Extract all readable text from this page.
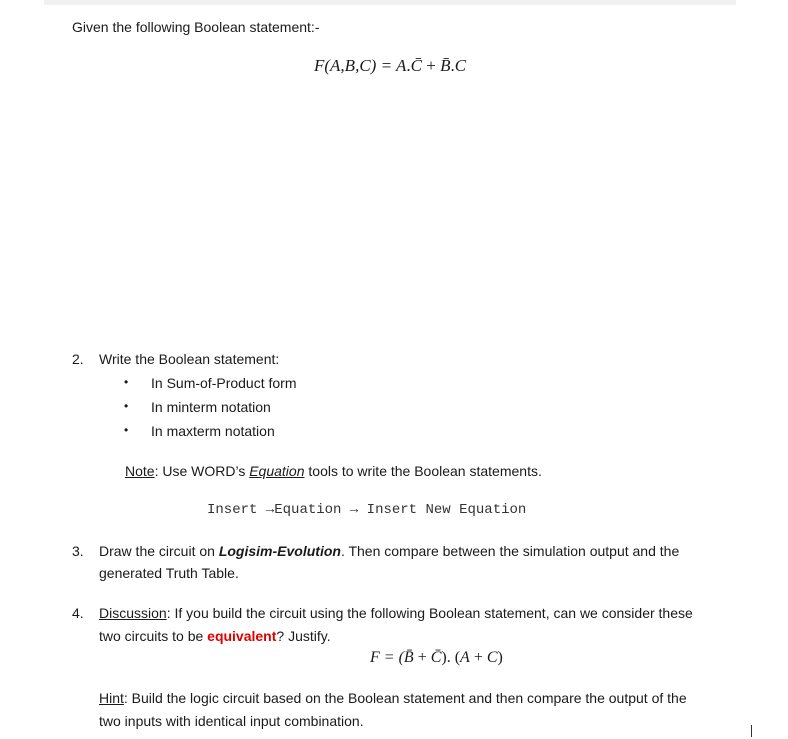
Given the following Boolean statement:-
F(A,B,C) = A.C̄ + B̄.C
2. Write the Boolean statement:
• In Sum-of-Product form
• In minterm notation
• In maxterm notation
Note: Use WORD’s Equation tools to write the Boolean statements.
Insert →Equation → Insert New Equation
3. Draw the circuit on Logisim-Evolution. Then compare between the simulation output and the
generated Truth Table.
4. Discussion: If you build the circuit using the following Boolean statement, can we consider these
two circuits to be equivalent? Justify.
F = (B̄ + C̄). (A + C)
Hint: Build the logic circuit based on the Boolean statement and then compare the output of the
two inputs with identical input combination.
